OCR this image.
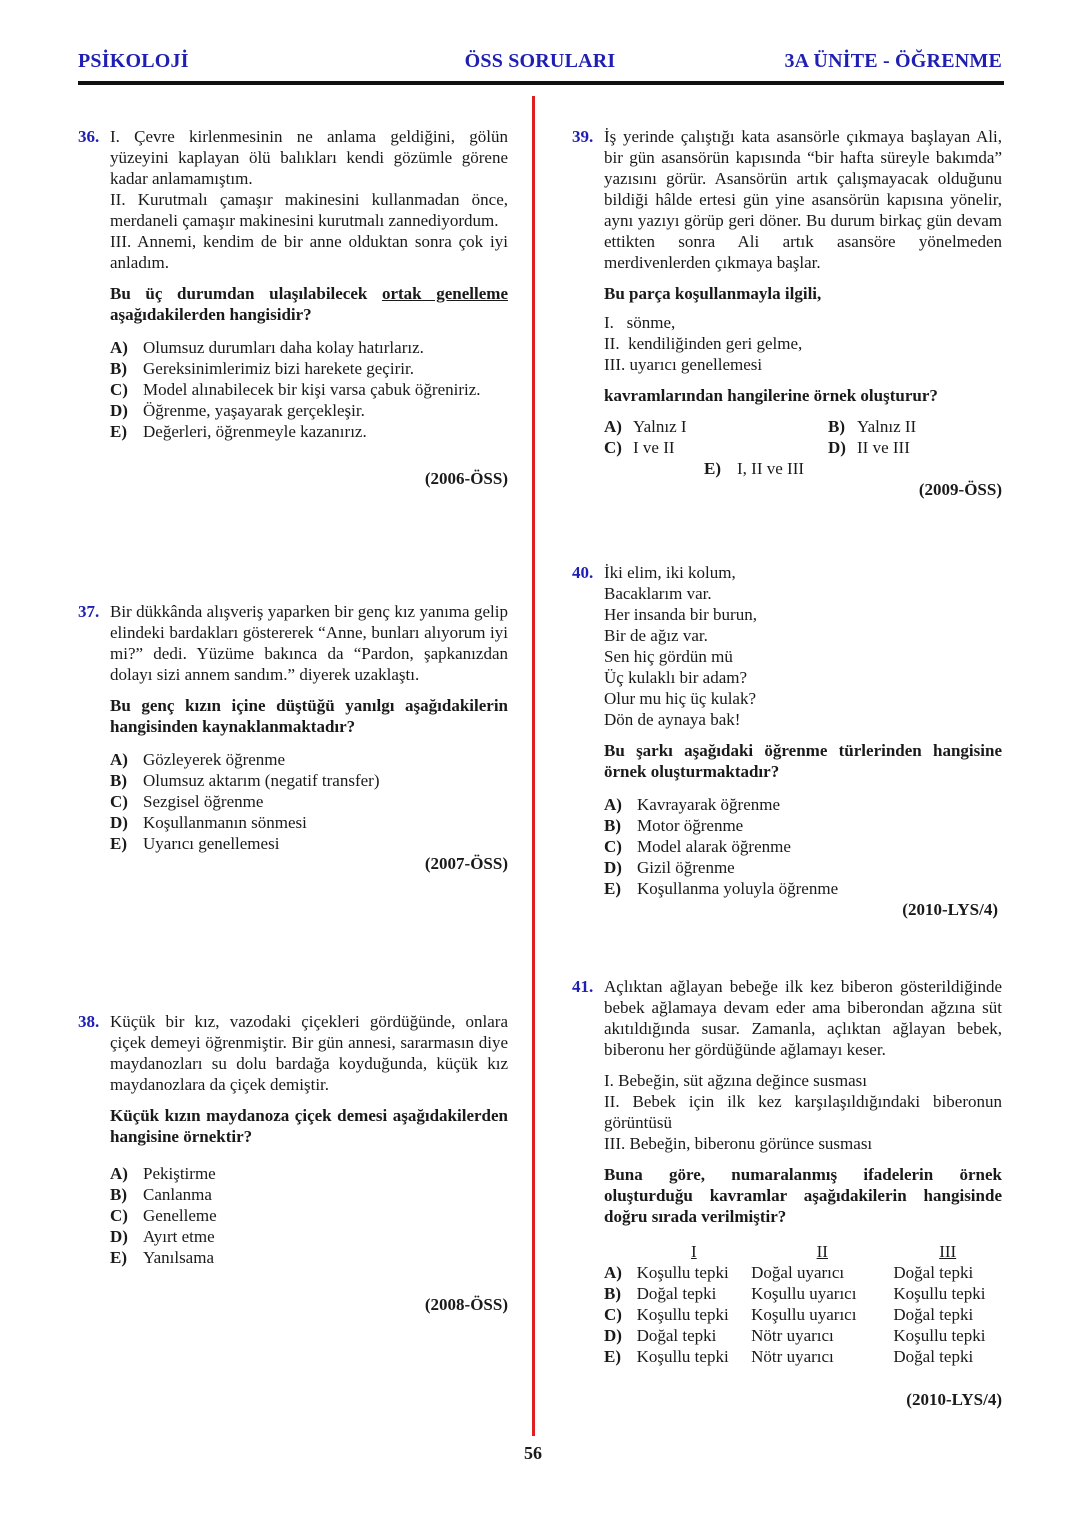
PSİKOLOJİ	ÖSS SORULARI	3A ÜNİTE - ÖĞRENME
36. I. Çevre kirlenmesinin ne anlama geldiğini, gölün yüzeyini kaplayan ölü balıkları kendi gözümle görene kadar anlamamıştım.
II. Kurutmalı çamaşır makinesini kullanmadan önce, merdaneli çamaşır makinesini kurutmalı zannediyordum.
III. Annemi, kendim de bir anne olduktan sonra çok iyi anladım.
Bu üç durumdan ulaşılabilecek ortak genelleme aşağıdakilerden hangisidir?
A) Olumsuz durumları daha kolay hatırlarız.
B) Gereksinimlerimiz bizi harekete geçirir.
C) Model alınabilecek bir kişi varsa çabuk öğreniriz.
D) Öğrenme, yaşayarak gerçekleşir.
E) Değerleri, öğrenmeyle kazanırız.
(2006-ÖSS)
37. Bir dükkânda alışveriş yaparken bir genç kız yanıma gelip elindeki bardakları göstererek “Anne, bunları alıyorum iyi mi?” dedi. Yüzüme bakınca da “Pardon, şapkanızdan dolayı sizi annem sandım.” diyerek uzaklaştı.
Bu genç kızın içine düştüğü yanılgı aşağıdakilerin hangisinden kaynaklanmaktadır?
A) Gözleyerek öğrenme
B) Olumsuz aktarım (negatif transfer)
C) Sezgisel öğrenme
D) Koşullanmanın sönmesi
E) Uyarıcı genellemesi
(2007-ÖSS)
38. Küçük bir kız, vazodaki çiçekleri gördüğünde, onlara çiçek demeyi öğrenmiştir. Bir gün annesi, sararmasın diye maydanozları su dolu bardağa koyduğunda, küçük kız maydanozlara da çiçek demiştir.
Küçük kızın maydanoza çiçek demesi aşağıdakilerden hangisine örnektir?
A) Pekiştirme
B) Canlanma
C) Genelleme
D) Ayırt etme
E) Yanılsama
(2008-ÖSS)
39. İş yerinde çalıştığı kata asansörle çıkmaya başlayan Ali, bir gün asansörün kapısında “bir hafta süreyle bakımda” yazısını görür. Asansörün artık çalışmayacak olduğunu bildiği hâlde ertesi gün yine asansörün kapısına yönelir, aynı yazıyı görüp geri döner. Bu durum birkaç gün devam ettikten sonra Ali artık asansöre yönelmeden merdivenlerden çıkmaya başlar.
Bu parça koşullanmayla ilgili,
I.   sönme,
II.  kendiliğinden geri gelme,
III. uyarıcı genellemesi
kavramlarından hangilerine örnek oluşturur?
A) Yalnız I	B) Yalnız II
C) I ve II	D) II ve III
E) I, II ve III
(2009-ÖSS)
40. İki elim, iki kolum,
Bacaklarım var.
Her insanda bir burun,
Bir de ağız var.
Sen hiç gördün mü
Üç kulaklı bir adam?
Olur mu hiç üç kulak?
Dön de aynaya bak!
Bu şarkı aşağıdaki öğrenme türlerinden hangisine örnek oluşturmaktadır?
A) Kavrayarak öğrenme
B) Motor öğrenme
C) Model alarak öğrenme
D) Gizil öğrenme
E) Koşullanma yoluyla öğrenme
(2010-LYS/4)
41. Açlıktan ağlayan bebeğe ilk kez biberon gösterildiğinde bebek ağlamaya devam eder ama biberondan ağzına süt akıtıldığında susar. Zamanla, açlıktan ağlayan bebek, biberonu her gördüğünde ağlamayı keser.
I. Bebeğin, süt ağzına değince susması
II. Bebek için ilk kez karşılaşıldığındaki biberonun görüntüsü
III. Bebeğin, biberonu görünce susması
Buna göre, numaralanmış ifadelerin örnek oluşturduğu kavramlar aşağıdakilerin hangisinde doğru sırada verilmiştir?
I	II	III
A) Koşullu tepki	Doğal uyarıcı	Doğal tepki
B) Doğal tepki	Koşullu uyarıcı	Koşullu tepki
C) Koşullu tepki	Koşullu uyarıcı	Doğal tepki
D) Doğal tepki	Nötr uyarıcı	Koşullu tepki
E) Koşullu tepki	Nötr uyarıcı	Doğal tepki
(2010-LYS/4)
56
